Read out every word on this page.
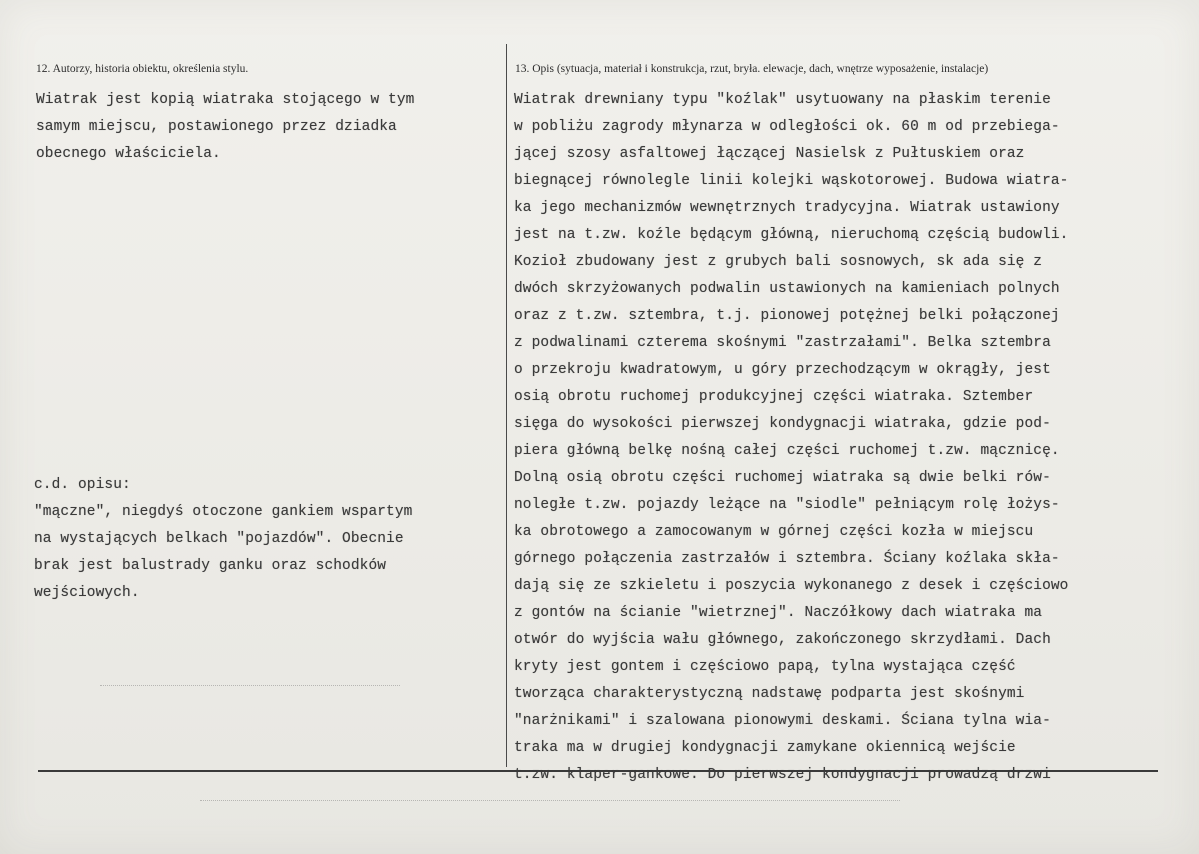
12. Autorzy, historia obiektu, określenia stylu.	13. Opis (sytuacja, materiał i konstrukcja, rzut, bryła. elewacje, dach, wnętrze wyposażenie, instalacje)
Wiatrak jest kopią wiatraka stojącego w tym
samym miejscu, postawionego przez dziadka
obecnego właściciela.
c.d. opisu:
"mączne", niegdyś otoczone gankiem wspartym
na wystających belkach "pojazdów". Obecnie
brak jest balustrady ganku oraz schodków
wejściowych.
Wiatrak drewniany typu "koźlak" usytuowany na płaskim terenie
w pobliżu zagrody młynarza w odległości ok. 60 m od przebiega-
jącej szosy asfaltowej łączącej Nasielsk z Pułtuskiem oraz
biegnącej równolegle linii kolejki wąskotorowej. Budowa wiatra-
ka jego mechanizmów wewnętrznych tradycyjna. Wiatrak ustawiony
jest na t.zw. koźle będącym główną, nieruchomą częścią budowli.
Kozioł zbudowany jest z grubych bali sosnowych, sk ada się z
dwóch skrzyżowanych podwalin ustawionych na kamieniach polnych
oraz z t.zw. sztembra, t.j. pionowej potężnej belki połączonej
z podwalinami czterema skośnymi "zastrzałami". Belka sztembra
o przekroju kwadratowym, u góry przechodzącym w okrągły, jest
osią obrotu ruchomej produkcyjnej części wiatraka. Sztember
sięga do wysokości pierwszej kondygnacji wiatraka, gdzie pod-
piera główną belkę nośną całej części ruchomej t.zw. mącznicę.
Dolną osią obrotu części ruchomej wiatraka są dwie belki rów-
noległe t.zw. pojazdy leżące na "siodle" pełniącym rolę łożys-
ka obrotowego a zamocowanym w górnej części kozła w miejscu
górnego połączenia zastrzałów i sztembra. Ściany koźlaka skła-
dają się ze szkieletu i poszycia wykonanego z desek i częściowo
z gontów na ścianie "wietrznej". Naczółkowy dach wiatraka ma
otwór do wyjścia wału głównego, zakończonego skrzydłami. Dach
kryty jest gontem i częściowo papą, tylna wystająca część
tworząca charakterystyczną nadstawę podparta jest skośnymi
"narżnikami" i szalowana pionowymi deskami. Ściana tylna wia-
traka ma w drugiej kondygnacji zamykane okiennicą wejście
t.zw. klaper-gankowe. Do pierwszej kondygnacji prowadzą drzwi
